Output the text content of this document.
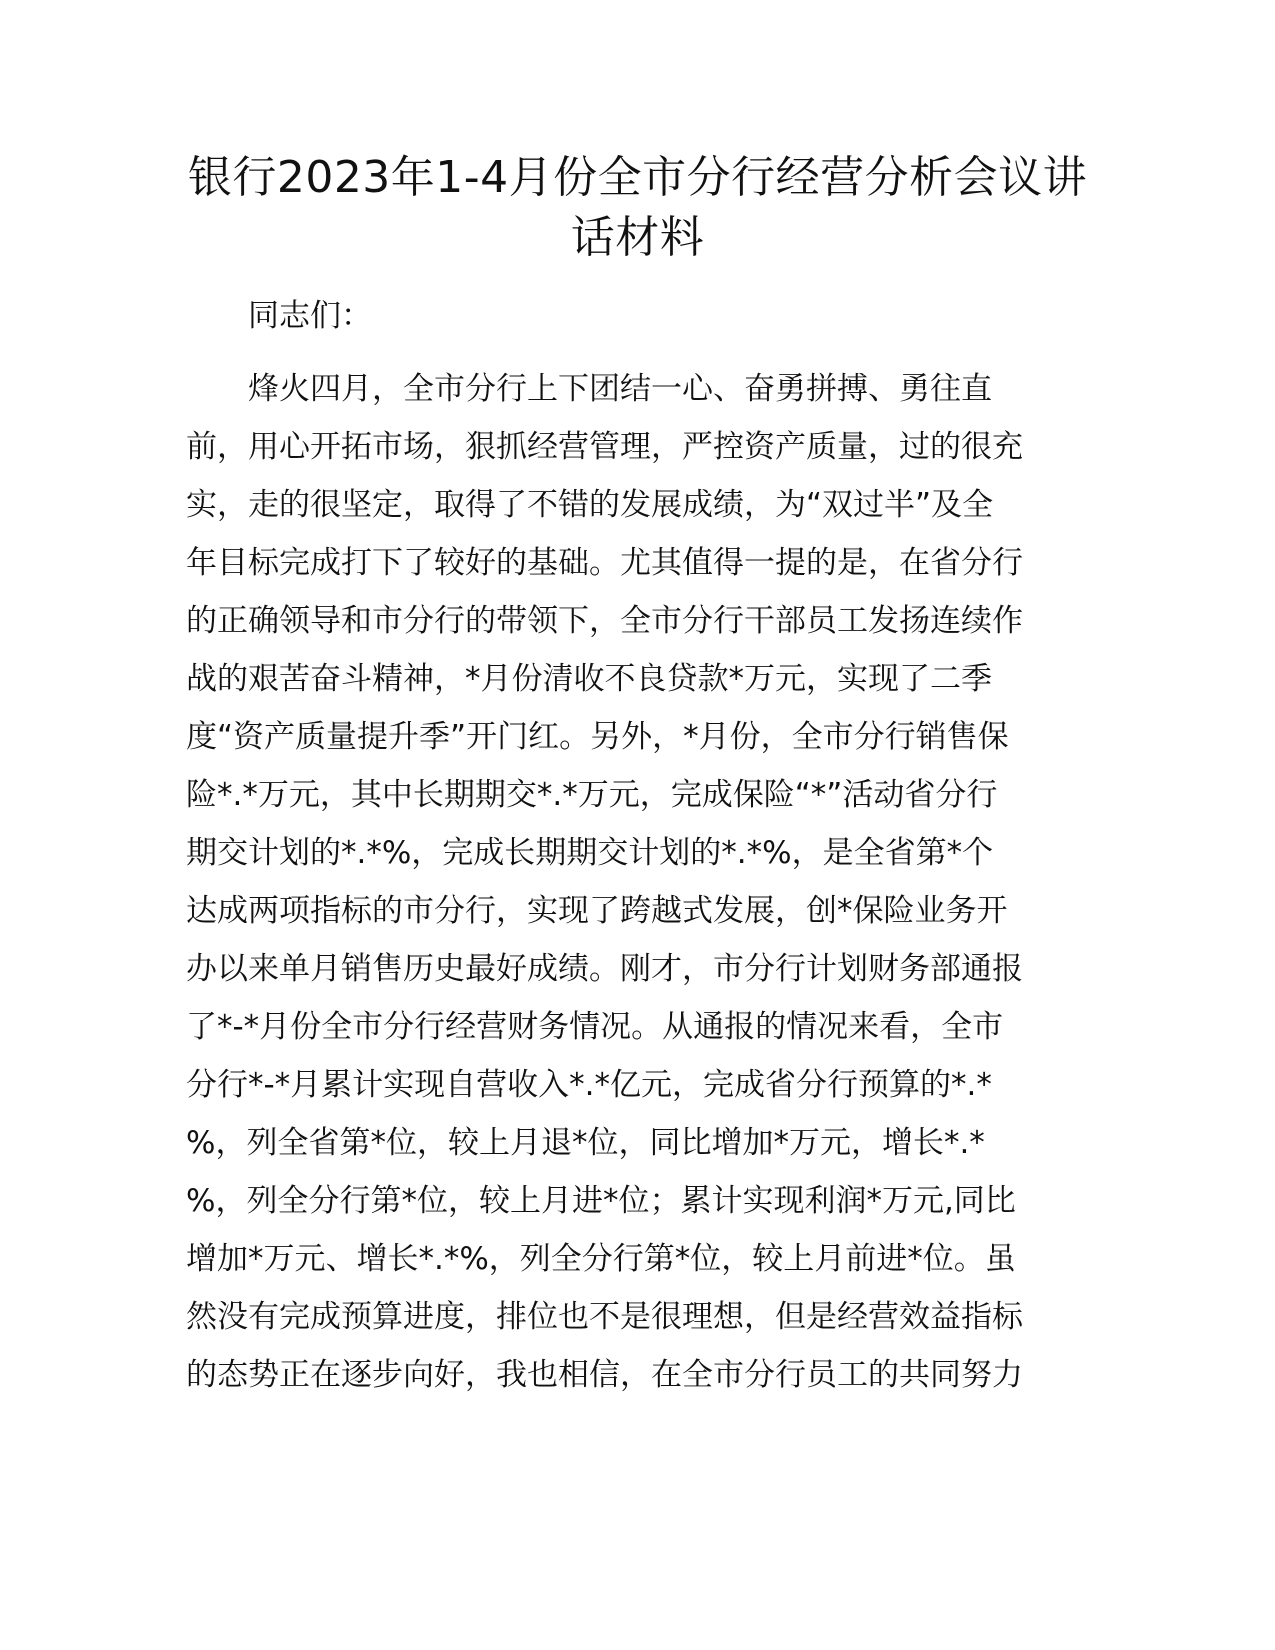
银行2023年1-4月份全市分行经营分析会议讲
话材料
同志们：
烽火四月，全市分行上下团结一心、奋勇拼搏、勇往直
前，用心开拓市场，狠抓经营管理，严控资产质量，过的很充
实，走的很坚定，取得了不错的发展成绩，为“双过半”及全
年目标完成打下了较好的基础。尤其值得一提的是，在省分行
的正确领导和市分行的带领下，全市分行干部员工发扬连续作
战的艰苦奋斗精神，*月份清收不良贷款*万元，实现了二季
度“资产质量提升季”开门红。另外，*月份，全市分行销售保
险*.*万元，其中长期期交*.*万元，完成保险“*”活动省分行
期交计划的*.*%，完成长期期交计划的*.*%，是全省第*个
达成两项指标的市分行，实现了跨越式发展，创*保险业务开
办以来单月销售历史最好成绩。刚才，市分行计划财务部通报
了*-*月份全市分行经营财务情况。从通报的情况来看，全市
分行*-*月累计实现自营收入*.*亿元，完成省分行预算的*.*
%，列全省第*位，较上月退*位，同比增加*万元，增长*.*
%，列全分行第*位，较上月进*位；累计实现利润*万元,同比
增加*万元、增长*.*%，列全分行第*位，较上月前进*位。虽
然没有完成预算进度，排位也不是很理想，但是经营效益指标
的态势正在逐步向好，我也相信，在全市分行员工的共同努力
